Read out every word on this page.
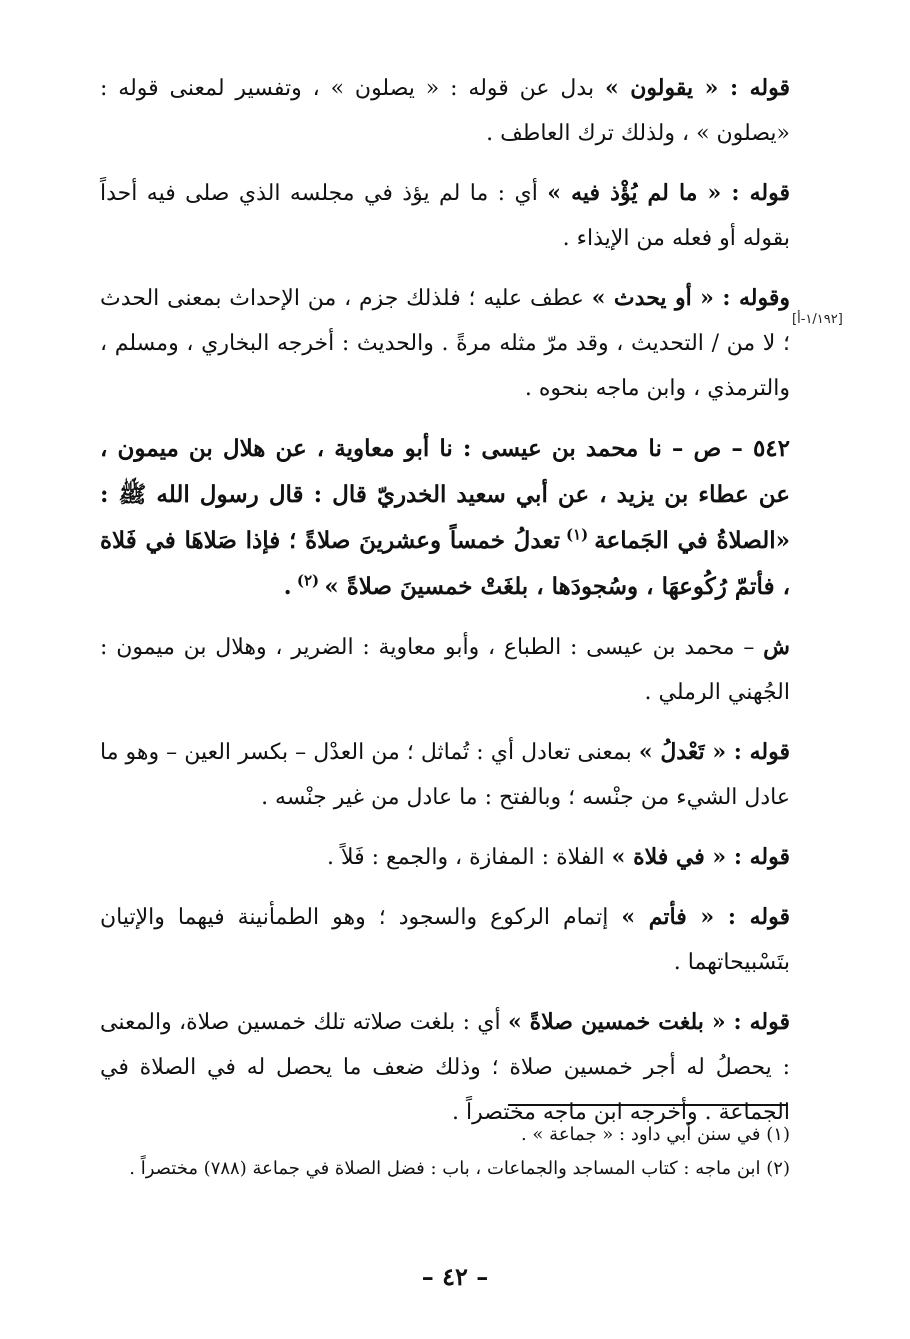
قوله : « يقولون » بدل عن قوله : « يصلون » ، وتفسير لمعنى قوله : «يصلون » ، ولذلك ترك العاطف .

قوله : « ما لم يُؤْذ فيه » أي : ما لم يؤذ في مجلسه الذي صلى فيه أحداً بقوله أو فعله من الإيذاء .

وقوله : « أو يحدث » عطف عليه ؛ فلذلك جزم ، من الإحداث بمعنى الحدث ؛ لا من / التحديث ، وقد مرّ مثله مرةً . والحديث : أخرجه البخاري ، ومسلم ، والترمذي ، وابن ماجه بنحوه .

٥٤٢ – ص – نا محمد بن عيسى : نا أبو معاوية ، عن هلال بن ميمون ، عن عطاء بن يزيد ، عن أبي سعيد الخدريّ قال : قال رسول الله ﷺ : «الصلاةُ في الجَماعة $^{(١)}$ تعدلُ خمساً وعشرينَ صلاةً ؛ فإذا صَلاهَا في فَلاة ، فأتمّ رُكُوعهَا ، وسُجودَها ، بلغَتْ خمسينَ صلاةً » $^{(٢)}$ .

ش – محمد بن عيسى : الطباع ، وأبو معاوية : الضرير ، وهلال بن ميمون : الجُهني الرملي .

قوله : « تَعْدلُ » بمعنى تعادل أي : تُماثل ؛ من العدْل – بكسر العين – وهو ما عادل الشيء من جنْسه ؛ وبالفتح : ما عادل من غير جنْسه .

قوله : « في فلاة » الفلاة : المفازة ، والجمع : فَلاً .

قوله : « فأتم » إتمام الركوع والسجود ؛ وهو الطمأنينة فيهما والإتيان بتَسْبيحاتهما .

قوله : « بلغت خمسين صلاةً » أي : بلغت صلاته تلك خمسين صلاة، والمعنى : يحصلُ له أجر خمسين صلاة ؛ وذلك ضعف ما يحصل له في الصلاة في الجماعة . وأخرجه ابن ماجه مختصراً .

[١/١٩٢-أ]

(١) في سنن أبي داود : « جماعة » .

(٢) ابن ماجه : كتاب المساجد والجماعات ، باب : فضل الصلاة في جماعة (٧٨٨) مختصراً .

– ٤٢ –
